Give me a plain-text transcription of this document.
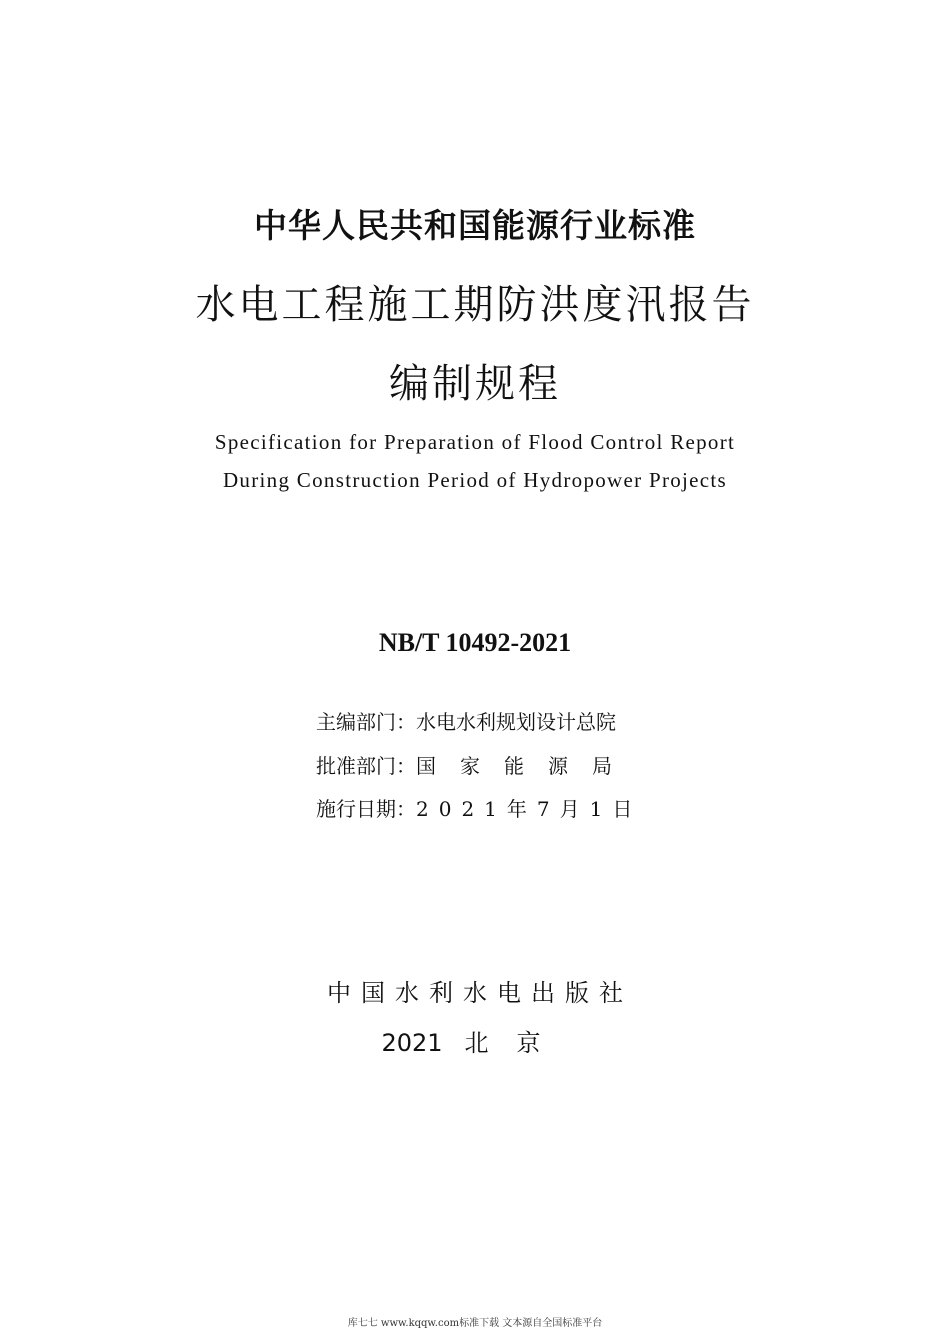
中华人民共和国能源行业标准
水电工程施工期防洪度汛报告
编制规程
Specification for Preparation of Flood Control Report
During Construction Period of Hydropower Projects
NB/T 10492-2021
主编部门： 水电水利规划设计总院
批准部门： 国家能源局
施行日期： 2021年7月1日
中国水利水电出版社
2021 北京
库七七 www.kqqw.com标准下载 文本源自全国标准平台
